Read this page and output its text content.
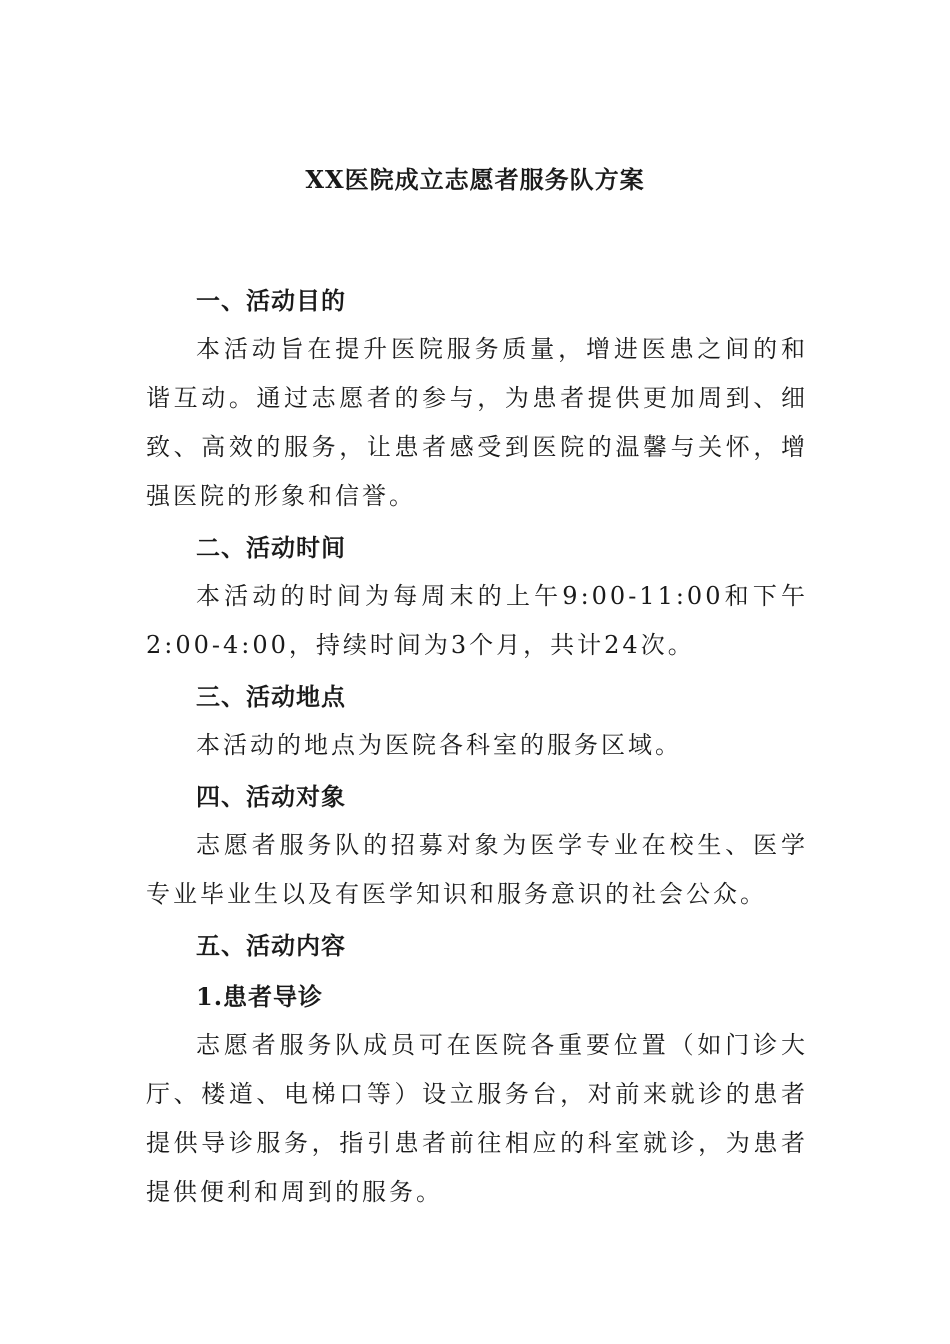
XX医院成立志愿者服务队方案
一、活动目的

本活动旨在提升医院服务质量，增进医患之间的和谐互动。通过志愿者的参与，为患者提供更加周到、细致、高效的服务，让患者感受到医院的温馨与关怀，增强医院的形象和信誉。

二、活动时间

本活动的时间为每周末的上午9:00-11:00和下午2:00-4:00，持续时间为3个月，共计24次。

三、活动地点

本活动的地点为医院各科室的服务区域。

四、活动对象

志愿者服务队的招募对象为医学专业在校生、医学专业毕业生以及有医学知识和服务意识的社会公众。

五、活动内容
1.患者导诊

志愿者服务队成员可在医院各重要位置（如门诊大厅、楼道、电梯口等）设立服务台，对前来就诊的患者提供导诊服务，指引患者前往相应的科室就诊，为患者提供便利和周到的服务。
